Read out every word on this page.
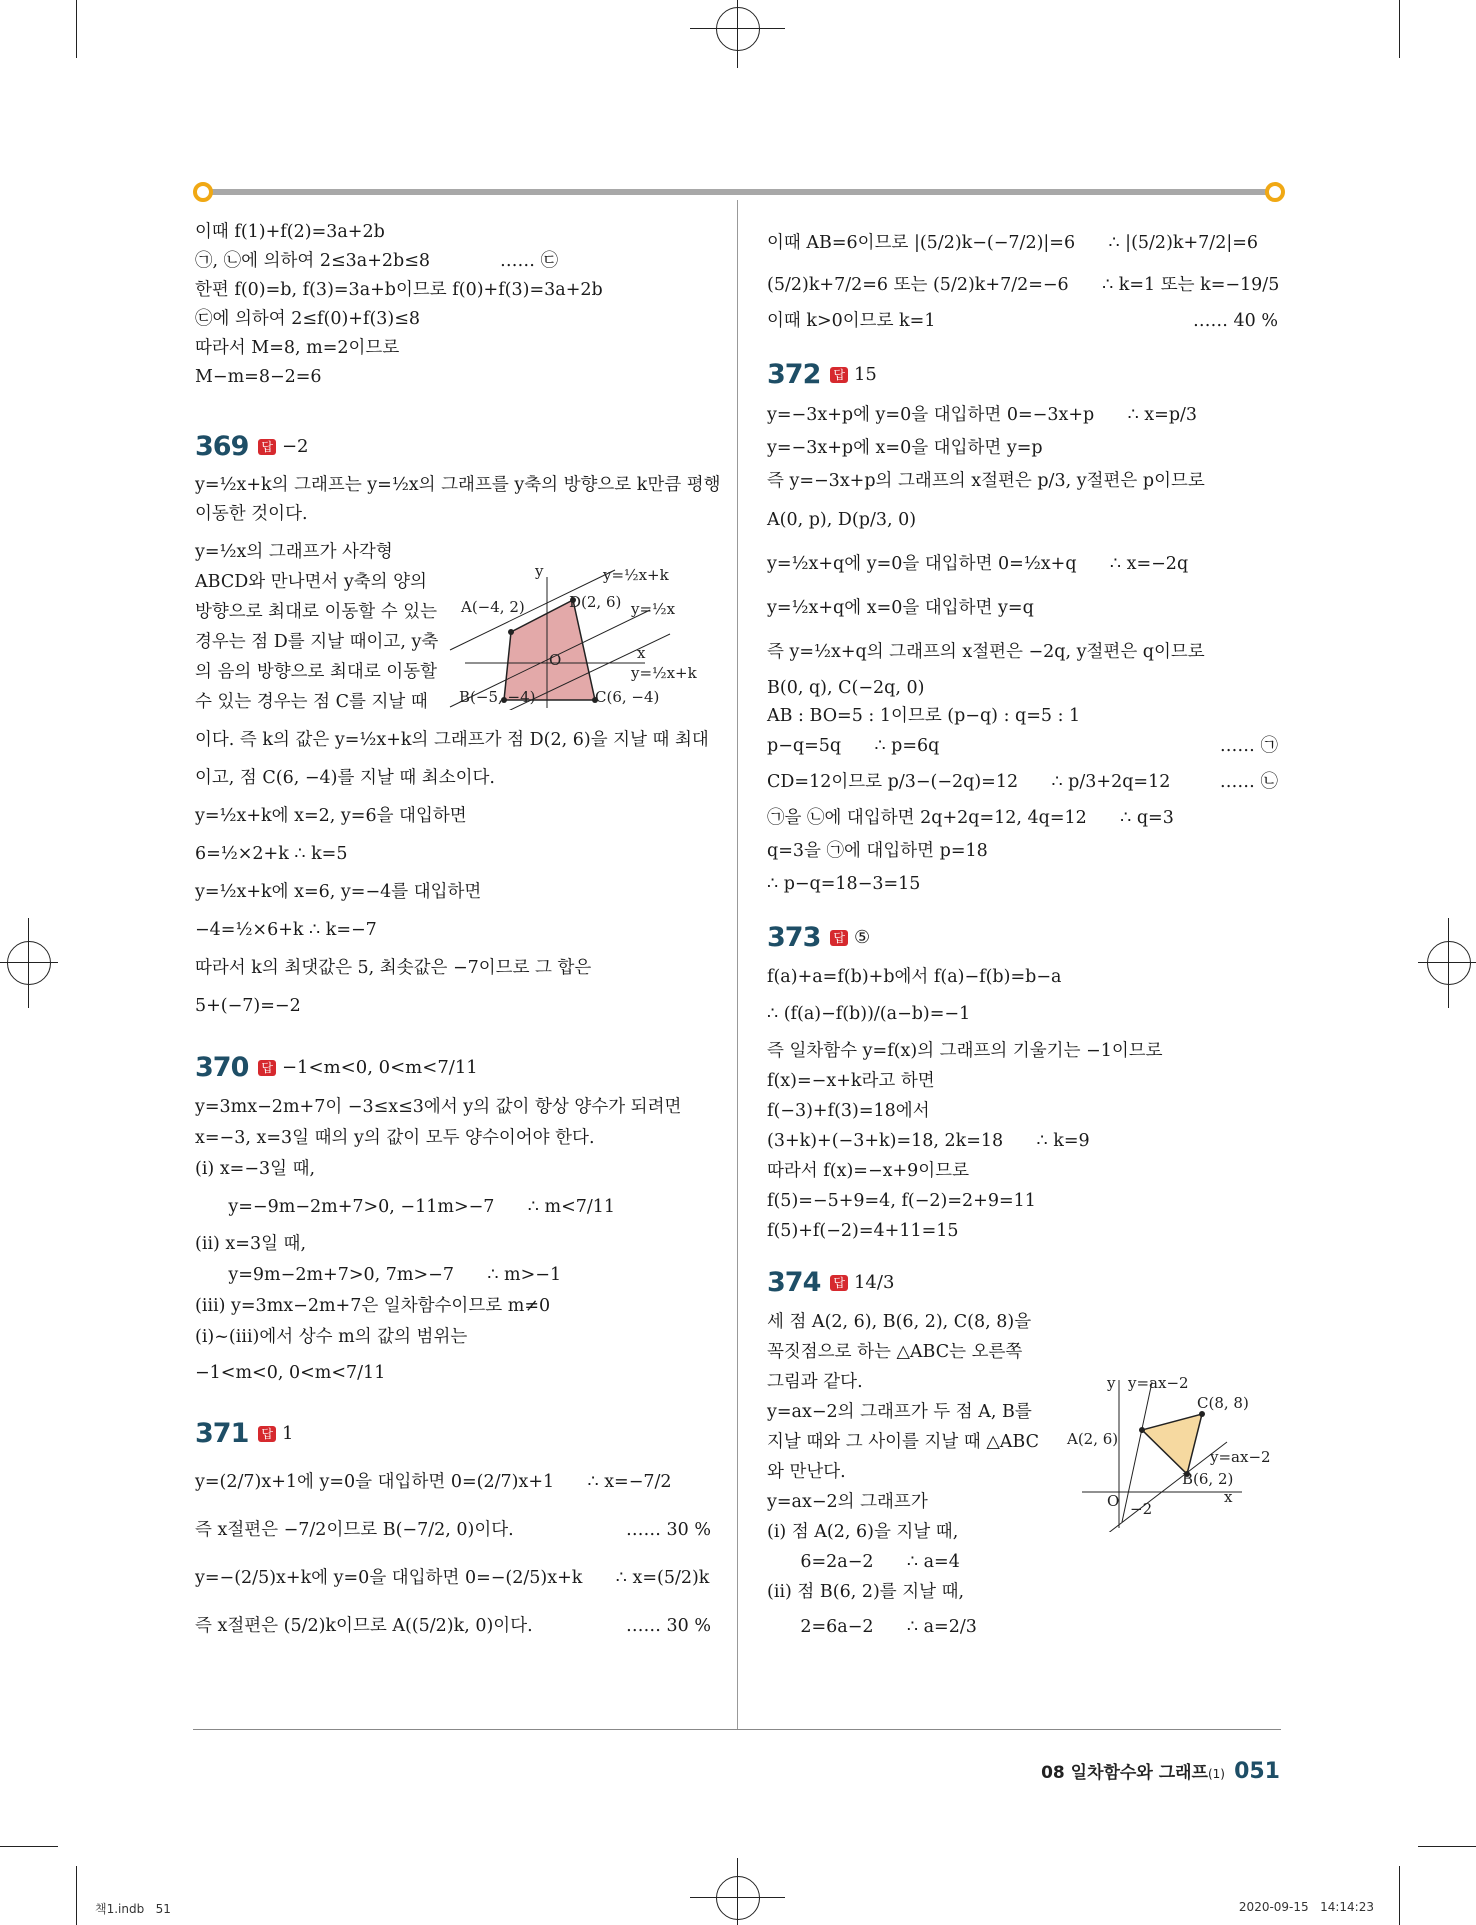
이때 f(1)+f(2)=3a+2b
㉠, ㉡에 의하여 2≤3a+2b≤8	…… ㉢
한편 f(0)=b, f(3)=3a+b이므로 f(0)+f(3)=3a+2b
㉢에 의하여 2≤f(0)+f(3)≤8
따라서 M=8, m=2이므로
M−m=8−2=6
369 답 −2
y=½x+k의 그래프는 y=½x의 그래프를 y축의 방향으로 k만큼 평행
이동한 것이다.
y=½x의 그래프가 사각형
ABCD와 만나면서 y축의 양의
방향으로 최대로 이동할 수 있는
경우는 점 D를 지날 때이고, y축
의 음의 방향으로 최대로 이동할
수 있는 경우는 점 C를 지날 때
이다. 즉 k의 값은 y=½x+k의 그래프가 점 D(2, 6)을 지날 때 최대
이고, 점 C(6, −4)를 지날 때 최소이다.
y=½x+k에 x=2, y=6을 대입하면
6=½×2+k ∴ k=5
y=½x+k에 x=6, y=−4를 대입하면
−4=½×6+k ∴ k=−7
따라서 k의 최댓값은 5, 최솟값은 −7이므로 그 합은
5+(−7)=−2
370 답 −1<m<0, 0<m<7/11
y=3mx−2m+7이 −3≤x≤3에서 y의 값이 항상 양수가 되려면
x=−3, x=3일 때의 y의 값이 모두 양수이어야 한다.
(ⅰ) x=−3일 때,
y=−9m−2m+7>0, −11m>−7      ∴ m<7/11
(ⅱ) x=3일 때,
y=9m−2m+7>0, 7m>−7      ∴ m>−1
(ⅲ) y=3mx−2m+7은 일차함수이므로 m≠0
(ⅰ)~(ⅲ)에서 상수 m의 값의 범위는
−1<m<0, 0<m<7/11
371 답 1
y=(2/7)x+1에 y=0을 대입하면 0=(2/7)x+1      ∴ x=−7/2
즉 x절편은 −7/2이므로 B(−7/2, 0)이다.	…… 30 %
y=−(2/5)x+k에 y=0을 대입하면 0=−(2/5)x+k      ∴ x=(5/2)k
즉 x절편은 (5/2)k이므로 A((5/2)k, 0)이다.	…… 30 %
y
x
O
A(−4, 2)
B(−5, −4)	C(6, −4)
D(2, 6)
y=½x+k
y=½x
y=½x+k
이때 AB=6이므로 |(5/2)k−(−7/2)|=6      ∴ |(5/2)k+7/2|=6
(5/2)k+7/2=6 또는 (5/2)k+7/2=−6      ∴ k=1 또는 k=−19/5
이때 k>0이므로 k=1	…… 40 %
372 답 15
y=−3x+p에 y=0을 대입하면 0=−3x+p      ∴ x=p/3
y=−3x+p에 x=0을 대입하면 y=p
즉 y=−3x+p의 그래프의 x절편은 p/3, y절편은 p이므로
A(0, p), D(p/3, 0)
y=½x+q에 y=0을 대입하면 0=½x+q      ∴ x=−2q
y=½x+q에 x=0을 대입하면 y=q
즉 y=½x+q의 그래프의 x절편은 −2q, y절편은 q이므로
B(0, q), C(−2q, 0)
AB : BO=5 : 1이므로 (p−q) : q=5 : 1
p−q=5q      ∴ p=6q	…… ㉠
CD=12이므로 p/3−(−2q)=12      ∴ p/3+2q=12	…… ㉡
㉠을 ㉡에 대입하면 2q+2q=12, 4q=12      ∴ q=3
q=3을 ㉠에 대입하면 p=18
∴ p−q=18−3=15
373 답 ⑤
f(a)+a=f(b)+b에서 f(a)−f(b)=b−a
∴ (f(a)−f(b))/(a−b)=−1
즉 일차함수 y=f(x)의 그래프의 기울기는 −1이므로
f(x)=−x+k라고 하면
f(−3)+f(3)=18에서
(3+k)+(−3+k)=18, 2k=18      ∴ k=9
따라서 f(x)=−x+9이므로
f(5)=−5+9=4, f(−2)=2+9=11
f(5)+f(−2)=4+11=15
374 답 14/3
세 점 A(2, 6), B(6, 2), C(8, 8)을
꼭짓점으로 하는 △ABC는 오른쪽
그림과 같다.
y=ax−2의 그래프가 두 점 A, B를
지날 때와 그 사이를 지날 때 △ABC
와 만난다.
y=ax−2의 그래프가
(ⅰ) 점 A(2, 6)을 지날 때,
6=2a−2      ∴ a=4
(ⅱ) 점 B(6, 2)를 지날 때,
2=6a−2      ∴ a=2/3
y y=ax−2
C(8, 8)
A(2, 6)
y=ax−2
B(6, 2)
x
O −2
08 일차함수와 그래프(1) 051
책1.indb   51	2020-09-15   14:14:23
